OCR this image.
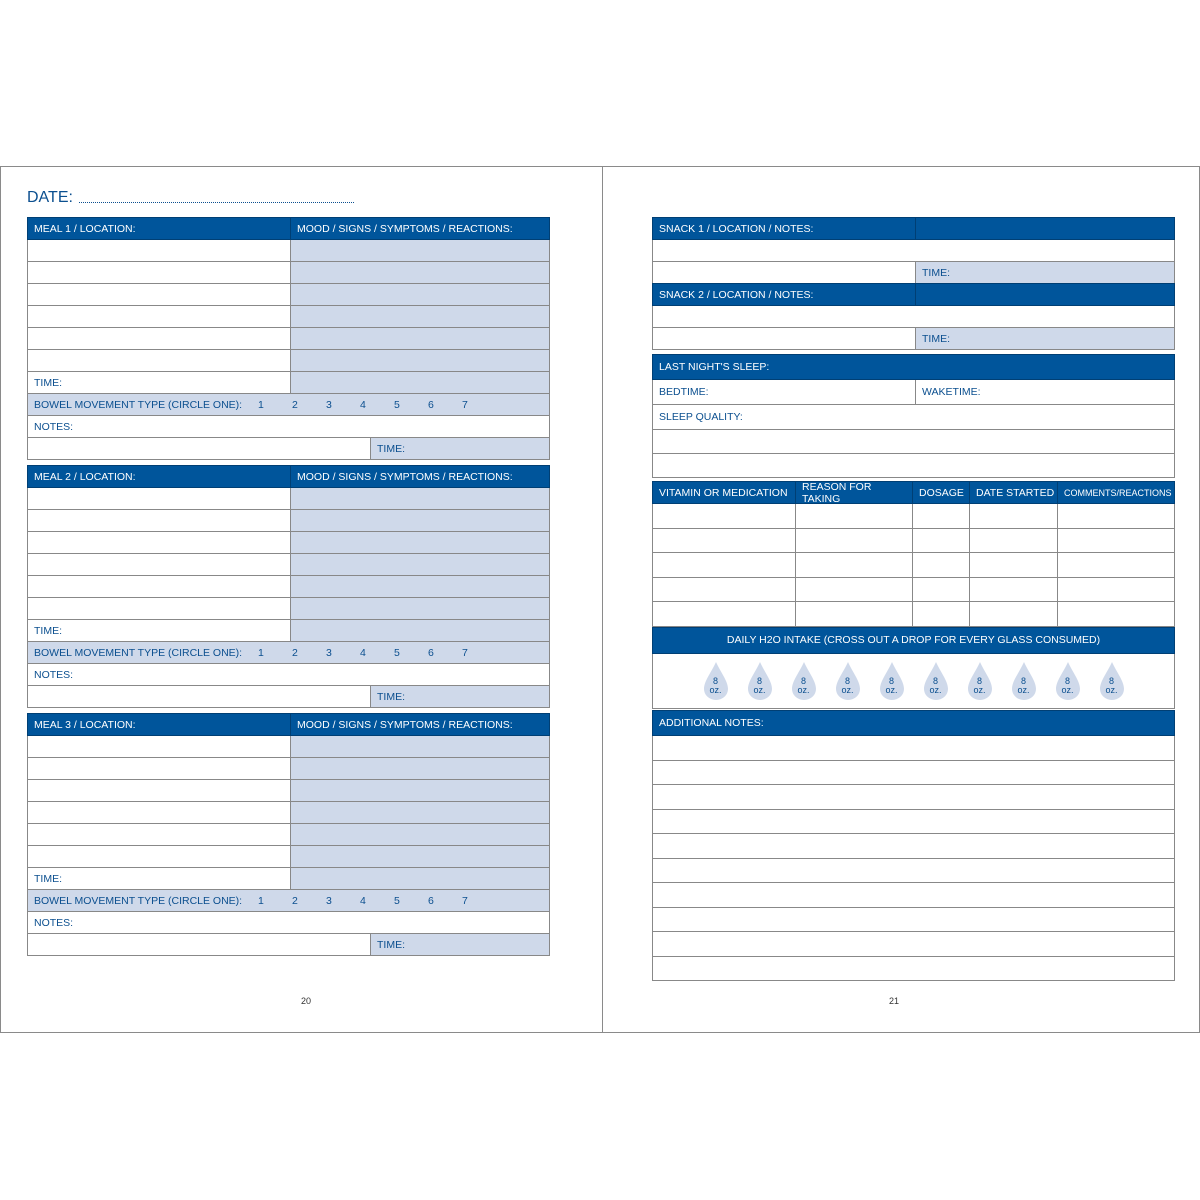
DATE:
MEAL 1 / LOCATION:	MOOD / SIGNS / SYMPTOMS / REACTIONS:
TIME:
BOWEL MOVEMENT TYPE (CIRCLE ONE):	1	2	3	4	5	6	7
NOTES:
TIME:
MEAL 2 / LOCATION:	MOOD / SIGNS / SYMPTOMS / REACTIONS:
TIME:
BOWEL MOVEMENT TYPE (CIRCLE ONE):	1	2	3	4	5	6	7
NOTES:
TIME:
MEAL 3 / LOCATION:	MOOD / SIGNS / SYMPTOMS / REACTIONS:
TIME:
BOWEL MOVEMENT TYPE (CIRCLE ONE):	1	2	3	4	5	6	7
NOTES:
TIME:
20
SNACK 1 / LOCATION / NOTES:
TIME:
SNACK 2 / LOCATION / NOTES:
TIME:
LAST NIGHT'S SLEEP:
BEDTIME:	WAKETIME:
SLEEP QUALITY:
VITAMIN OR MEDICATION	REASON FOR TAKING	DOSAGE	DATE STARTED	COMMENTS/REACTIONS
DAILY H2O INTAKE (CROSS OUT A DROP FOR EVERY GLASS CONSUMED)
8
oz.
8
oz.
8
oz.
8
oz.
8
oz.
8
oz.
8
oz.
8
oz.
8
oz.
8
oz.
ADDITIONAL NOTES:
21
